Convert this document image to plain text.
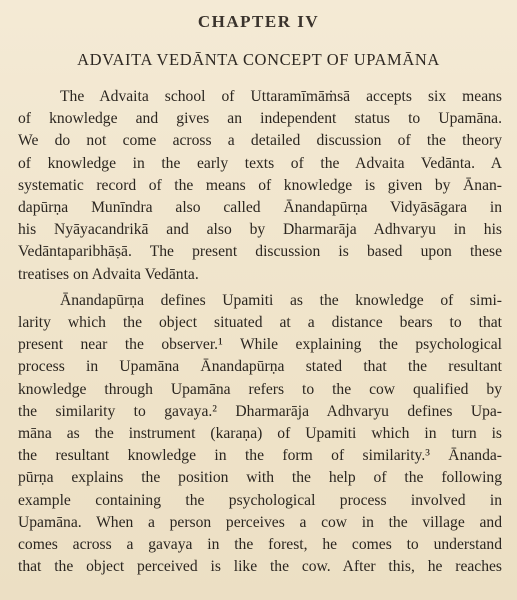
CHAPTER IV
ADVAITA VEDĀNTA CONCEPT OF UPAMĀNA
The Advaita school of Uttaramīmāṁsā accepts six means
of knowledge and gives an independent status to Upamāna.
We do not come across a detailed discussion of the theory
of knowledge in the early texts of the Advaita Vedānta. A
systematic record of the means of knowledge is given by Ānan-
dapūrṇa Munīndra also called Ānandapūrṇa Vidyāsāgara in
his Nyāyacandrikā and also by Dharmarāja Adhvaryu in his
Vedāntaparibhāṣā. The present discussion is based upon these
treatises on Advaita Vedānta.
Ānandapūrṇa defines Upamiti as the knowledge of simi-
larity which the object situated at a distance bears to that
present near the observer.¹ While explaining the psychological
process in Upamāna Ānandapūrṇa stated that the resultant
knowledge through Upamāna refers to the cow qualified by
the similarity to gavaya.² Dharmarāja Adhvaryu defines Upa-
māna as the instrument (karaṇa) of Upamiti which in turn is
the resultant knowledge in the form of similarity.³ Ānanda-
pūrṇa explains the position with the help of the following
example containing the psychological process involved in
Upamāna. When a person perceives a cow in the village and
comes across a gavaya in the forest, he comes to understand
that the object perceived is like the cow. After this, he reaches
